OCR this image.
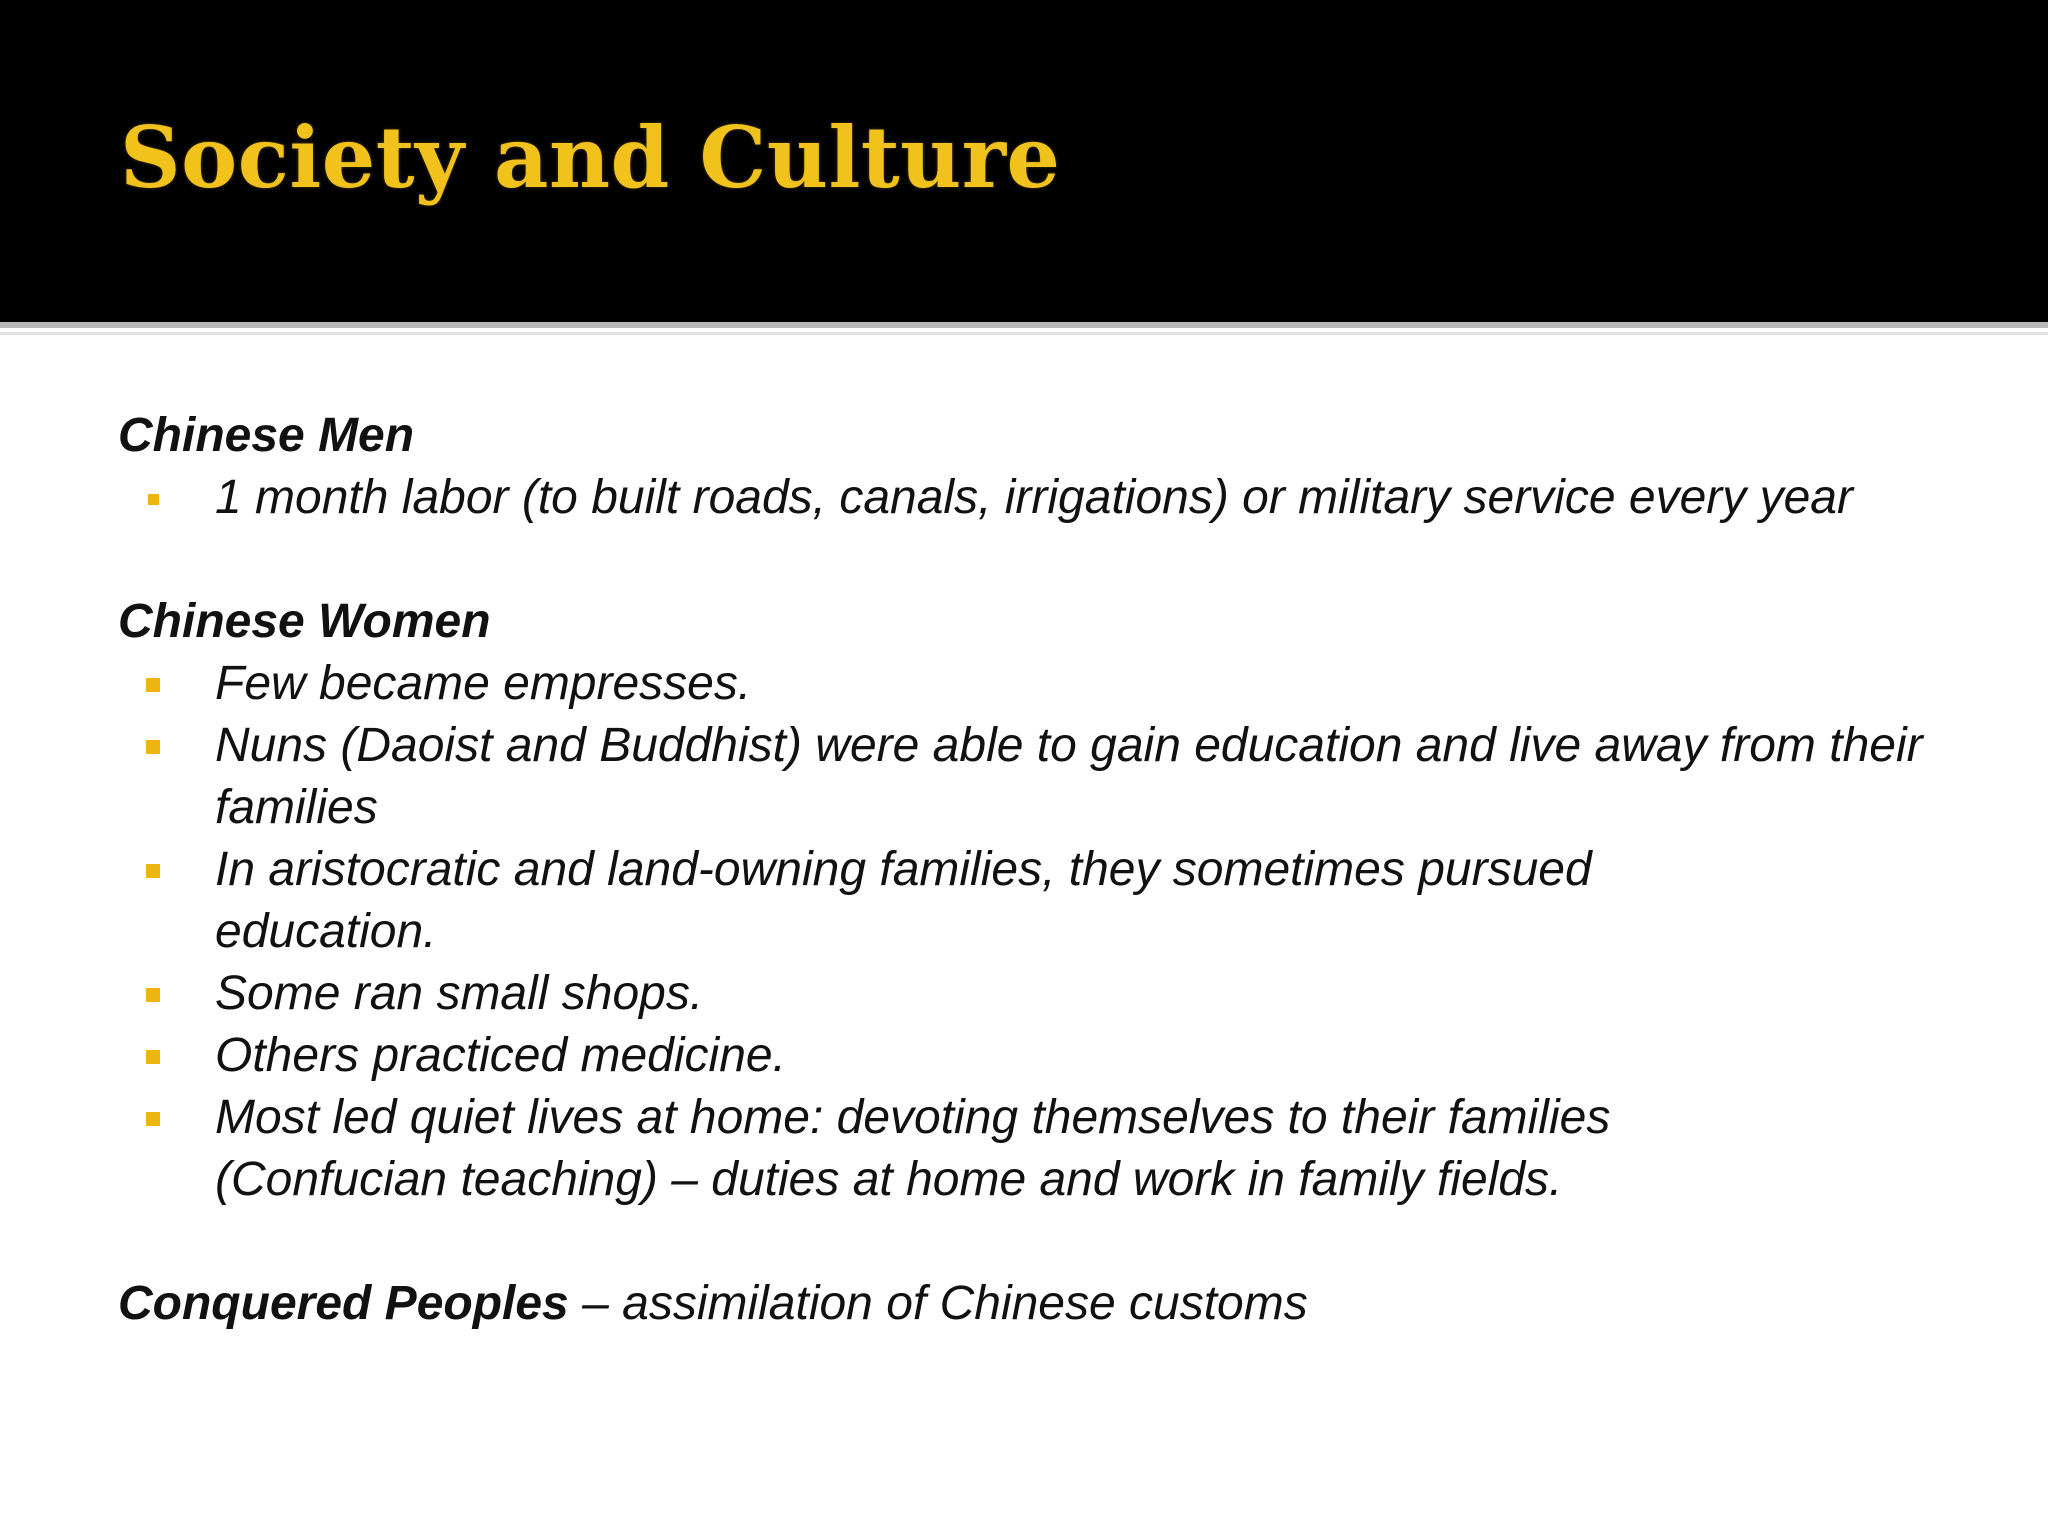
Society and Culture

Chinese Men

1 month labor (to built roads, canals, irrigations) or military service every year

Chinese Women

Few became empresses.
Nuns (Daoist and Buddhist) were able to gain education and live away from their families
In aristocratic and land-owning families, they sometimes pursued education.
Some ran small shops.
Others practiced medicine.
Most led quiet lives at home: devoting themselves to their families (Confucian teaching) – duties at home and work in family fields.

Conquered Peoples – assimilation of Chinese customs
